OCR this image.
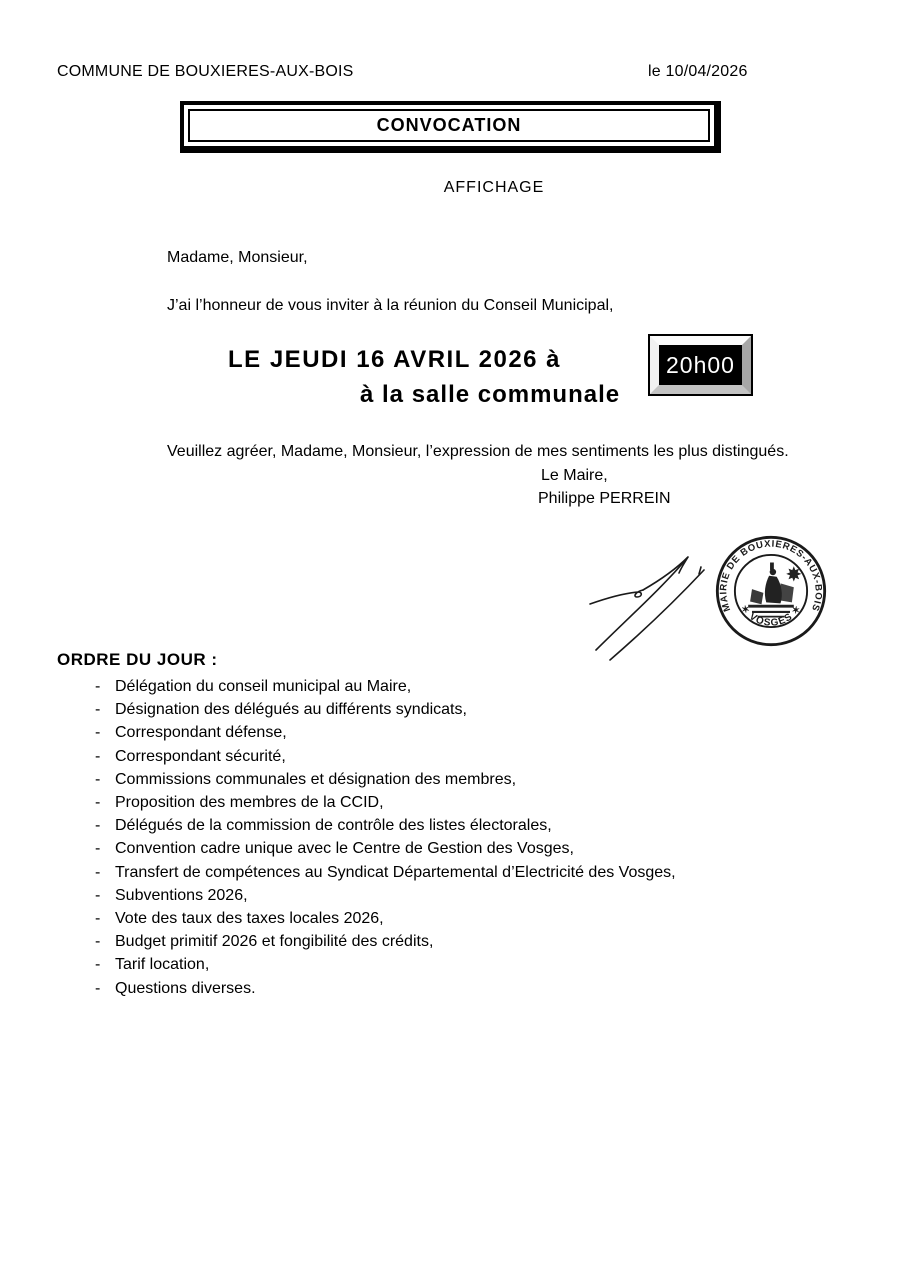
COMMUNE DE BOUXIERES-AUX-BOIS	le 10/04/2026
CONVOCATION
AFFICHAGE
Madame, Monsieur,
J’ai l’honneur de vous inviter à la réunion du Conseil Municipal,
LE JEUDI 16 AVRIL 2026 à
à la salle communale
20h00
Veuillez agréer, Madame, Monsieur, l’expression de mes sentiments les plus distingués.
Le Maire,
Philippe PERREIN
MAIRIE DE BOUXIERES-AUX-BOIS
✶ VOSGES ✶
ORDRE DU JOUR :
- Délégation du conseil municipal au Maire,
- Désignation des délégués au différents syndicats,
- Correspondant défense,
- Correspondant sécurité,
- Commissions communales et désignation des membres,
- Proposition des membres de la CCID,
- Délégués de la commission de contrôle des listes électorales,
- Convention cadre unique avec le Centre de Gestion des Vosges,
- Transfert de compétences au Syndicat Départemental d’Electricité des Vosges,
- Subventions 2026,
- Vote des taux des taxes locales 2026,
- Budget primitif 2026 et fongibilité des crédits,
- Tarif location,
- Questions diverses.
